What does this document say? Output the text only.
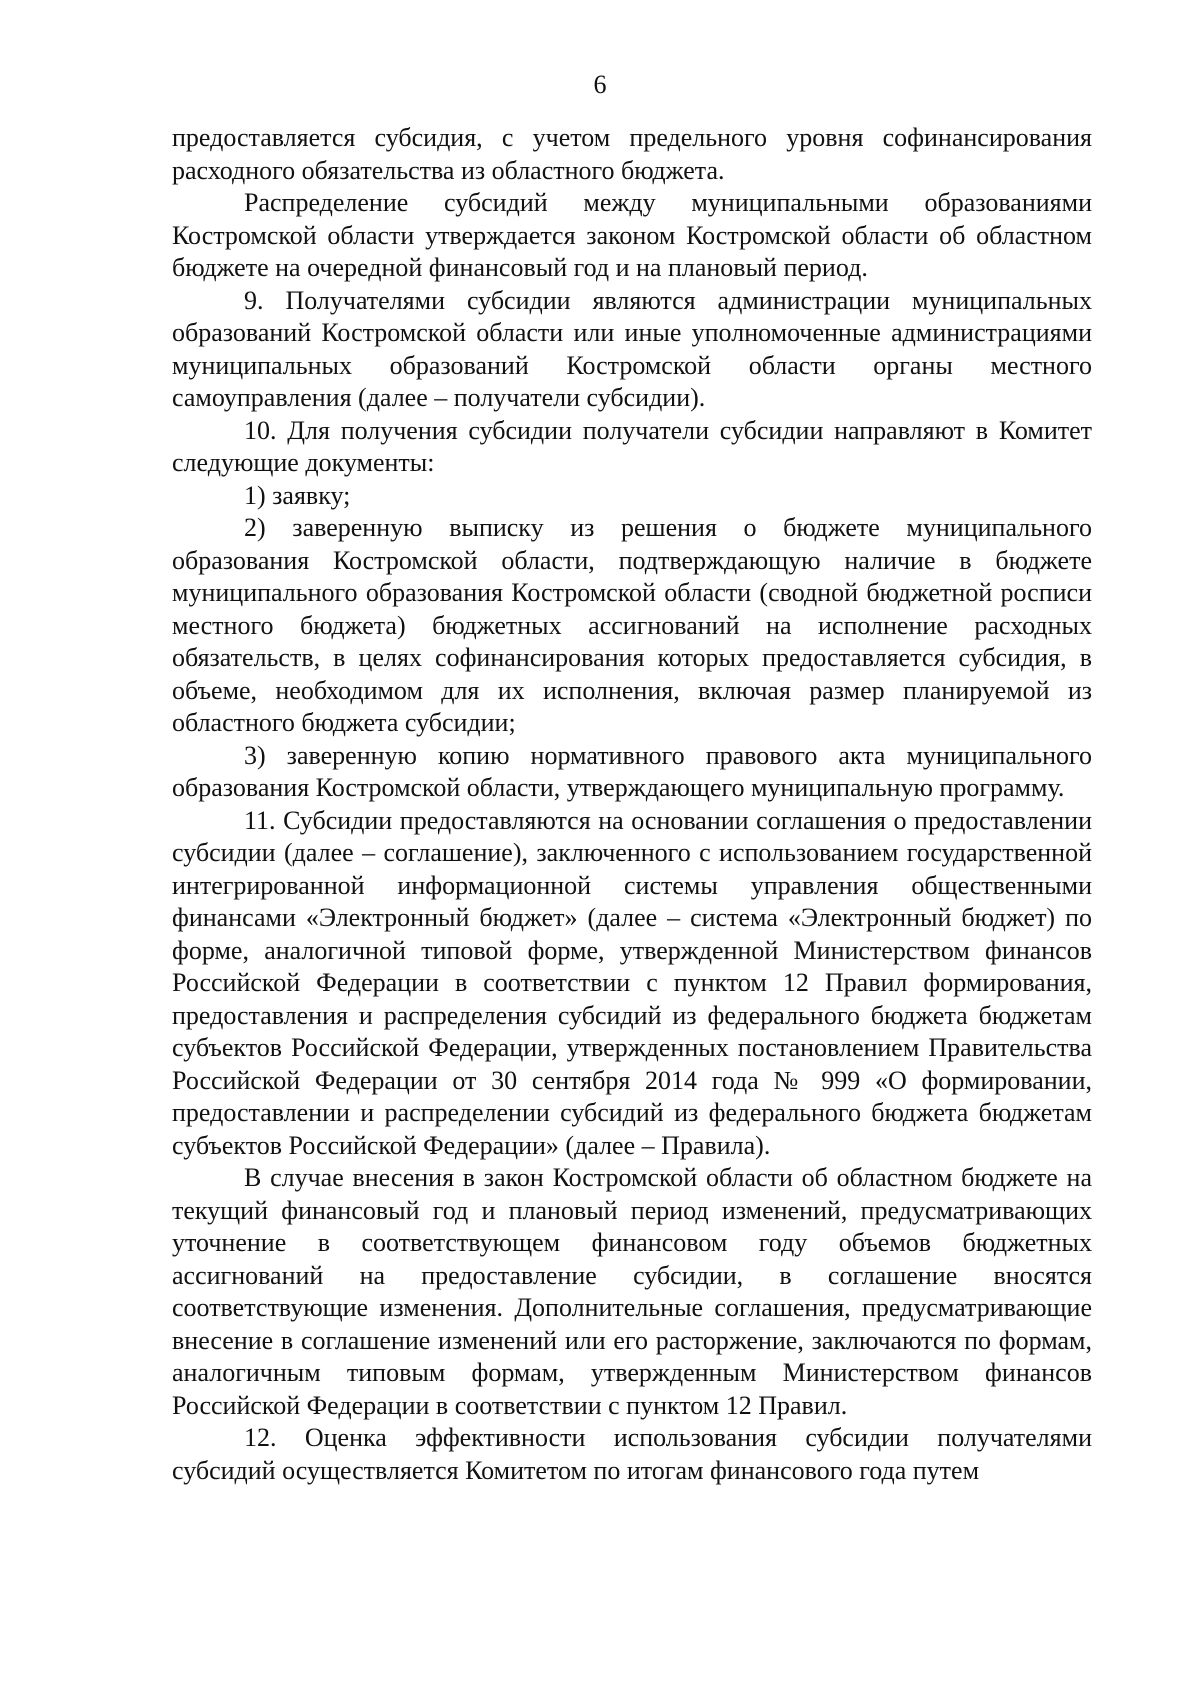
6

предоставляется субсидия, с учетом предельного уровня софинансирования расходного обязательства из областного бюджета.

Распределение субсидий между муниципальными образованиями Костромской области утверждается законом Костромской области об областном бюджете на очередной финансовый год и на плановый период.

9. Получателями субсидии являются администрации муниципальных образований Костромской области или иные уполномоченные администрациями муниципальных образований Костромской области органы местного самоуправления (далее – получатели субсидии).

10. Для получения субсидии получатели субсидии направляют в Комитет следующие документы:

1) заявку;

2) заверенную выписку из решения о бюджете муниципального образования Костромской области, подтверждающую наличие в бюджете муниципального образования Костромской области (сводной бюджетной росписи местного бюджета) бюджетных ассигнований на исполнение расходных обязательств, в целях софинансирования которых предоставляется субсидия, в объеме, необходимом для их исполнения, включая размер планируемой из областного бюджета субсидии;

3) заверенную копию нормативного правового акта муниципального образования Костромской области, утверждающего муниципальную программу.

11. Субсидии предоставляются на основании соглашения о предоставлении субсидии (далее – соглашение), заключенного с использованием государственной интегрированной информационной системы управления общественными финансами «Электронный бюджет» (далее – система «Электронный бюджет) по форме, аналогичной типовой форме, утвержденной Министерством финансов Российской Федерации в соответствии с пунктом 12 Правил формирования, предоставления и распределения субсидий из федерального бюджета бюджетам субъектов Российской Федерации, утвержденных постановлением Правительства Российской Федерации от 30 сентября 2014 года № 999 «О формировании, предоставлении и распределении субсидий из федерального бюджета бюджетам субъектов Российской Федерации» (далее – Правила).

В случае внесения в закон Костромской области об областном бюджете на текущий финансовый год и плановый период изменений, предусматривающих уточнение в соответствующем финансовом году объемов бюджетных ассигнований на предоставление субсидии, в соглашение вносятся соответствующие изменения. Дополнительные соглашения, предусматривающие внесение в соглашение изменений или его расторжение, заключаются по формам, аналогичным типовым формам, утвержденным Министерством финансов Российской Федерации в соответствии с пунктом 12 Правил.

12. Оценка эффективности использования субсидии получателями субсидий осуществляется Комитетом по итогам финансового года путем
